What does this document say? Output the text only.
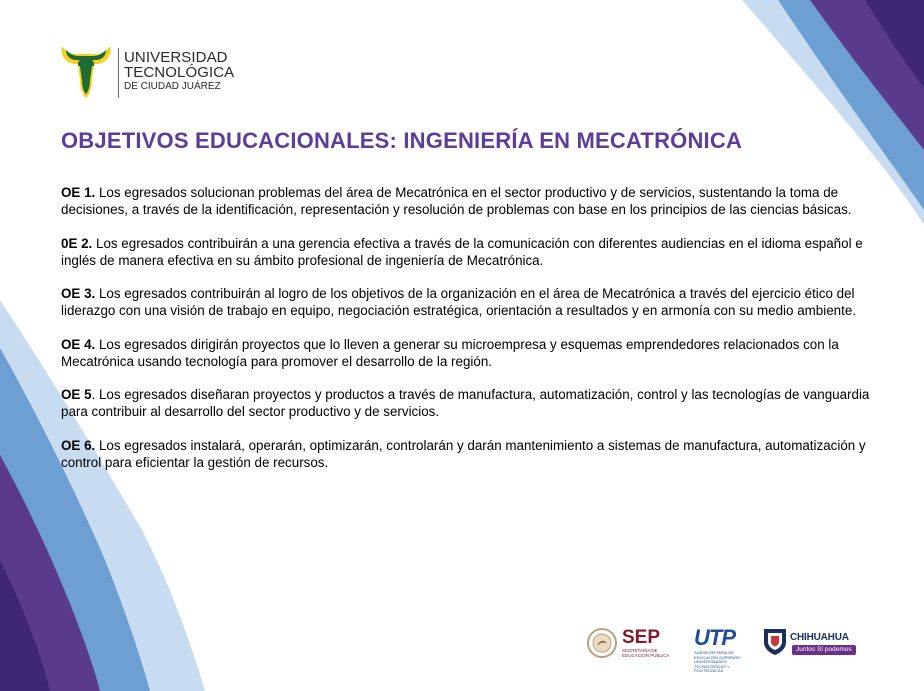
UNIVERSIDAD
TECNOLÓGICA
DE CIUDAD JUÁREZ
OBJETIVOS EDUCACIONALES: INGENIERÍA EN MECATRÓNICA

OE 1. Los egresados solucionan problemas del área de Mecatrónica en el sector productivo y de servicios, sustentando la toma de decisiones, a través de la identificación, representación y resolución de problemas con base en los principios de las ciencias básicas.

0E 2. Los egresados contribuirán a una gerencia efectiva a través de la comunicación con diferentes audiencias en el idioma español e inglés de manera efectiva en su ámbito profesional de ingeniería de Mecatrónica.

OE 3. Los egresados contribuirán al logro de los objetivos de la organización en el área de Mecatrónica a través del ejercicio ético del liderazgo con una visión de trabajo en equipo, negociación estratégica, orientación a resultados y en armonía con su medio ambiente.

OE 4. Los egresados dirigirán proyectos que lo lleven a generar su microempresa y esquemas emprendedores relacionados con la Mecatrónica usando tecnología para promover el desarrollo de la región.

OE 5. Los egresados diseñaran proyectos y productos a través de manufactura, automatización, control y las tecnologías de vanguardia para contribuir al desarrollo del sector productivo y de servicios.

OE 6. Los egresados instalará, operarán, optimizarán, controlarán y darán mantenimiento a sistemas de manufactura, automatización y control para eficientar la gestión de recursos.

SEP
SECRETARÍA DE EDUCACIÓN PÚBLICA
UTP
SUBSECRETARÍA DE EDUCACIÓN SUPERIOR · UNIVERSIDADES TECNOLÓGICAS Y POLITÉCNICAS
CHIHUAHUA
Juntos Sí podemos
